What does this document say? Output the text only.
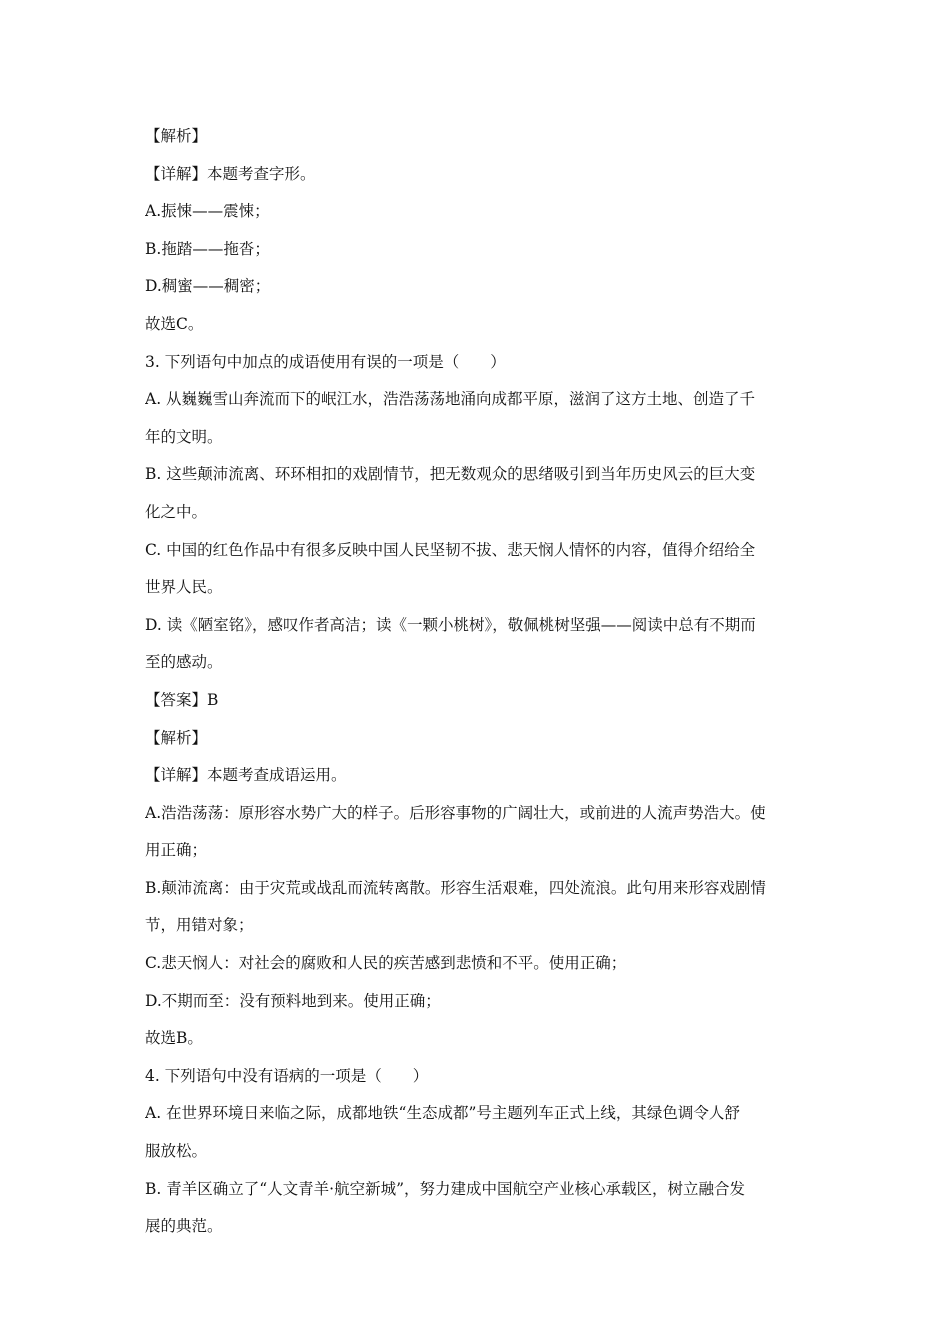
【解析】

【详解】本题考查字形。

A.振悚——震悚；

B.拖踏——拖沓；

D.稠蜜——稠密；

故选C。

3. 下列语句中加点的成语使用有误的一项是（　　）

A. 从巍巍雪山奔流而下的岷江水，浩浩荡荡地涌向成都平原，滋润了这方土地、创造了千

年的文明。

B. 这些颠沛流离、环环相扣的戏剧情节，把无数观众的思绪吸引到当年历史风云的巨大变

化之中。

C. 中国的红色作品中有很多反映中国人民坚韧不拔、悲天悯人情怀的内容，值得介绍给全

世界人民。

D. 读《陋室铭》，感叹作者高洁；读《一颗小桃树》，敬佩桃树坚强——阅读中总有不期而

至的感动。

【答案】B

【解析】

【详解】本题考查成语运用。

A.浩浩荡荡：原形容水势广大的样子。后形容事物的广阔壮大，或前进的人流声势浩大。使

用正确；

B.颠沛流离：由于灾荒或战乱而流转离散。形容生活艰难，四处流浪。此句用来形容戏剧情

节，用错对象；

C.悲天悯人：对社会的腐败和人民的疾苦感到悲愤和不平。使用正确；

D.不期而至：没有预料地到来。使用正确；

故选B。

4. 下列语句中没有语病的一项是（　　）

A. 在世界环境日来临之际，成都地铁“生态成都”号主题列车正式上线，其绿色调令人舒

服放松。

B. 青羊区确立了“人文青羊·航空新城”，努力建成中国航空产业核心承载区，树立融合发

展的典范。
